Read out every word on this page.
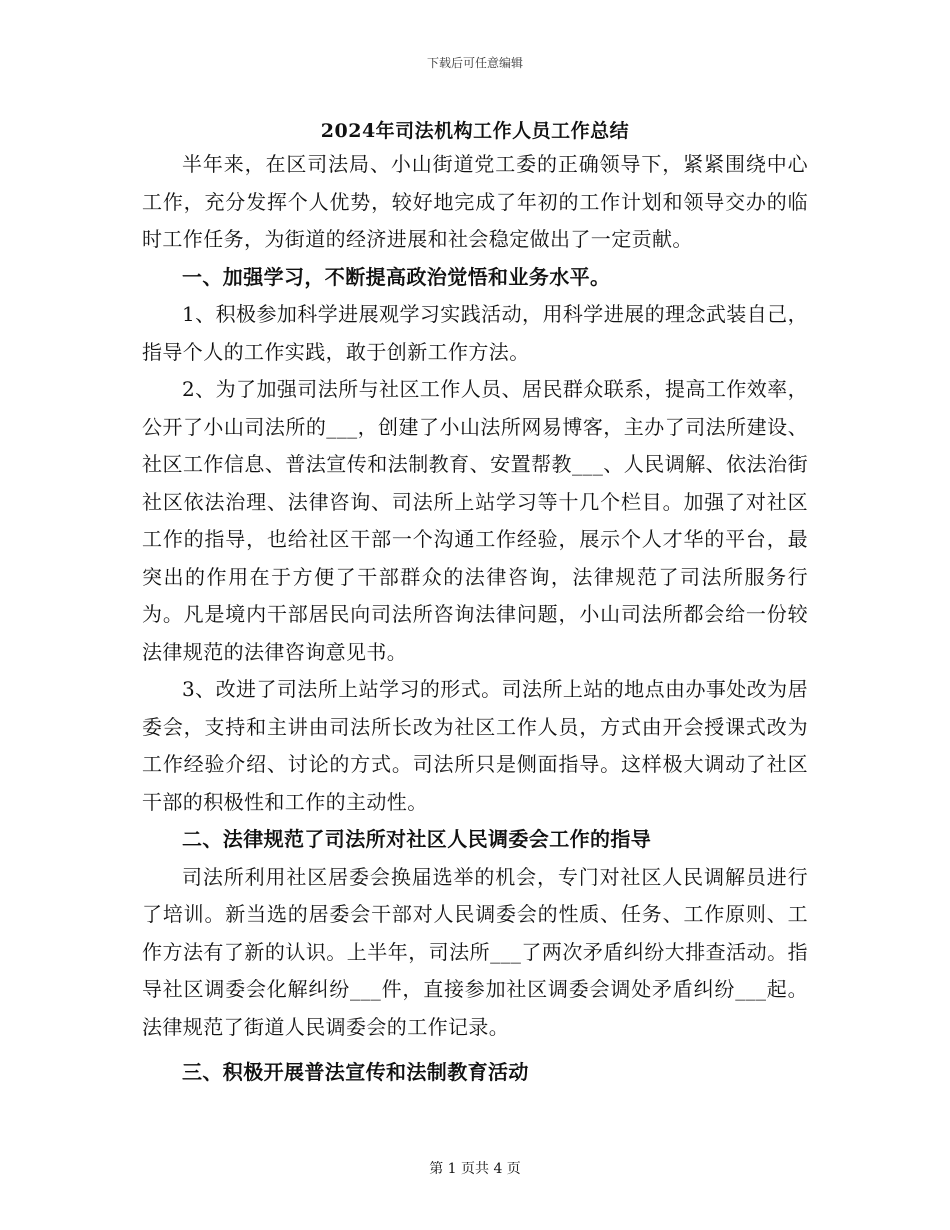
下载后可任意编辑
2024年司法机构工作人员工作总结

半年来，在区司法局、小山街道党工委的正确领导下，紧紧围绕中心工作，充分发挥个人优势，较好地完成了年初的工作计划和领导交办的临时工作任务，为街道的经济进展和社会稳定做出了一定贡献。

一、加强学习，不断提高政治觉悟和业务水平。

1、积极参加科学进展观学习实践活动，用科学进展的理念武装自己，指导个人的工作实践，敢于创新工作方法。

2、为了加强司法所与社区工作人员、居民群众联系，提高工作效率，公开了小山司法所的___，创建了小山法所网易博客，主办了司法所建设、社区工作信息、普法宣传和法制教育、安置帮教___、人民调解、依法治街社区依法治理、法律咨询、司法所上站学习等十几个栏目。加强了对社区工作的指导，也给社区干部一个沟通工作经验，展示个人才华的平台，最突出的作用在于方便了干部群众的法律咨询，法律规范了司法所服务行为。凡是境内干部居民向司法所咨询法律问题，小山司法所都会给一份较法律规范的法律咨询意见书。

3、改进了司法所上站学习的形式。司法所上站的地点由办事处改为居委会，支持和主讲由司法所长改为社区工作人员，方式由开会授课式改为工作经验介绍、讨论的方式。司法所只是侧面指导。这样极大调动了社区干部的积极性和工作的主动性。

二、法律规范了司法所对社区人民调委会工作的指导

司法所利用社区居委会换届选举的机会，专门对社区人民调解员进行了培训。新当选的居委会干部对人民调委会的性质、任务、工作原则、工作方法有了新的认识。上半年，司法所___了两次矛盾纠纷大排查活动。指导社区调委会化解纠纷___件，直接参加社区调委会调处矛盾纠纷___起。法律规范了街道人民调委会的工作记录。

三、积极开展普法宣传和法制教育活动

第 1 页共 4 页
